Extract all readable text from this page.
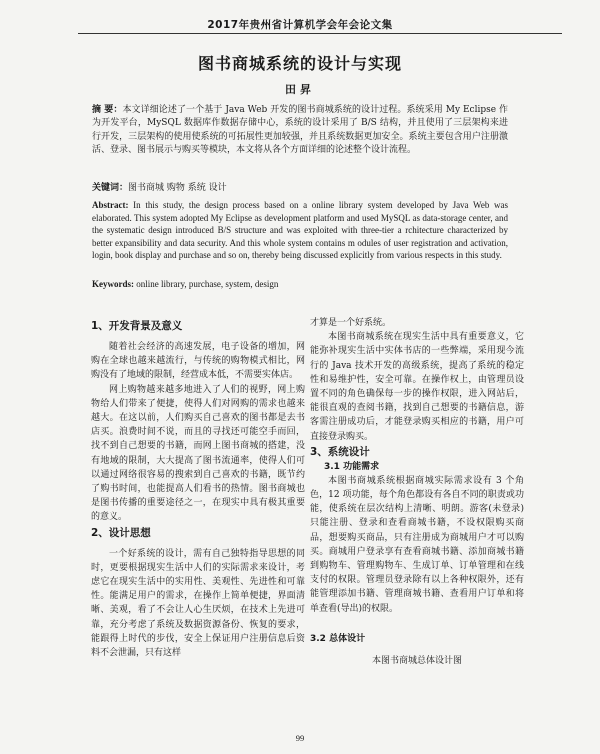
2017年贵州省计算机学会年会论文集
图书商城系统的设计与实现
田昇
摘 要：本文详细论述了一个基于 Java Web 开发的图书商城系统的设计过程。系统采用 My Eclipse 作为开发平台，MySQL 数据库作数据存储中心，系统的设计采用了 B/S 结构，并且使用了三层架构来进行开发，三层架构的使用使系统的可拓展性更加较强，并且系统数据更加安全。系统主要包含用户注册激活、登录、图书展示与购买等模块，本文将从各个方面详细的论述整个设计流程。
关键词：图书商城 购物 系统 设计
Abstract: In this study, the design process based on a online library system developed by Java Web was elaborated. This system adopted My Eclipse as development platform and used MySQL as data-storage center, and the systematic design introduced B/S structure and was exploited with three-tier a rchitecture characterized by better expansibility and data security. And this whole system contains m odules of user registration and activation, login, book display and purchase and so on, thereby being discussed explicitly from various respects in this study.
Keywords: online library, purchase, system, design
1、开发背景及意义

随着社会经济的高速发展，电子设备的增加，网购在全球也越来越流行，与传统的购物模式相比，网购没有了地域的限制，经营成本低，不需要实体店。

网上购物越来越多地进入了人们的视野，网上购物给人们带来了便捷，使得人们对网购的需求也越来越大。在这以前，人们购买自己喜欢的图书都是去书店买。浪费时间不说，而且的寻找还可能空手而回，找不到自己想要的书籍，而网上图书商城的搭建，没有地域的限制，大大提高了图书流通率，使得人们可以通过网络很容易的搜索到自己喜欢的书籍，既节约了购书时间，也能提高人们看书的热情。图书商城也是图书传播的重要途径之一，在现实中具有极其重要的意义。

2、设计思想

一个好系统的设计，需有自己独特指导思想的同时，更要根据现实生活中人们的实际需求来设计，考虑它在现实生活中的实用性、美观性、先进性和可靠性。能满足用户的需求，在操作上简单便捷，界面清晰、美观，看了不会让人心生厌烦，在技术上先进可靠，充分考虑了系统及数据资源备份、恢复的要求，能跟得上时代的步伐，安全上保证用户注册信息后资料不会泄漏，只有这样

才算是一个好系统。

本图书商城系统在现实生活中具有重要意义，它能弥补现实生活中实体书店的一些弊端，采用现今流行的 Java 技术开发的高级系统，提高了系统的稳定性和易维护性，安全可靠。在操作权上，由管理员设置不同的角色确保每一步的操作权限，进入网站后，能很直观的查阅书籍，找到自己想要的书籍信息，游客需注册成功后，才能登录购买相应的书籍，用户可直接登录购买。

3、系统设计
3.1 功能需求

本图书商城系统根据商城实际需求设有 3 个角色，12 项功能，每个角色都设有各自不同的职责或功能，使系统在层次结构上清晰、明朗。游客(未登录)只能注册、登录和查看商城书籍，不设权限购买商品，想要购买商品，只有注册成为商城用户才可以购买。商城用户登录享有查看商城书籍、添加商城书籍到购物车、管理购物车、生成订单、订单管理和在线支付的权限。管理员登录除有以上各种权限外，还有能管理添加书籍、管理商城书籍、查看用户订单和将单查看(导出)的权限。

3.2 总体设计
本图书商城总体设计图
99
